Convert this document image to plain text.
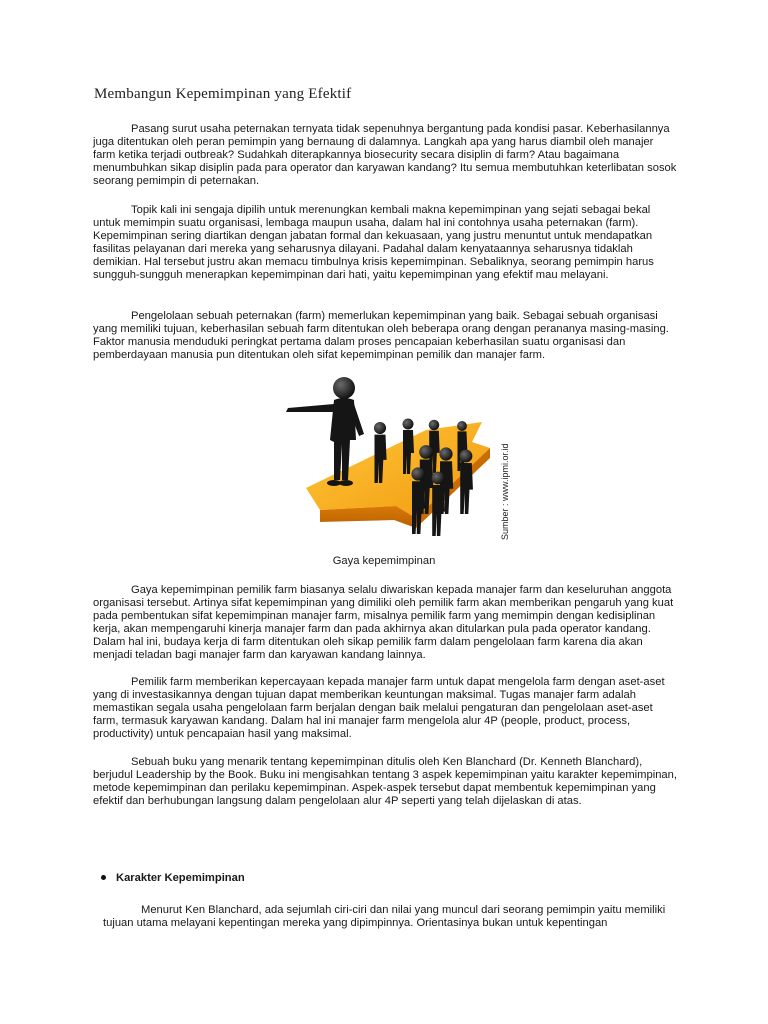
Membangun Kepemimpinan yang Efektif

Pasang surut usaha peternakan ternyata tidak sepenuhnya bergantung pada kondisi pasar. Keberhasilannya juga ditentukan oleh peran pemimpin yang bernaung di dalamnya. Langkah apa yang harus diambil oleh manajer farm ketika terjadi outbreak? Sudahkah diterapkannya biosecurity secara disiplin di farm? Atau bagaimana menumbuhkan sikap disiplin pada para operator dan karyawan kandang? Itu semua membutuhkan keterlibatan sosok seorang pemimpin di peternakan.

Topik kali ini sengaja dipilih untuk merenungkan kembali makna kepemimpinan yang sejati sebagai bekal untuk memimpin suatu organisasi, lembaga maupun usaha, dalam hal ini contohnya usaha peternakan (farm). Kepemimpinan sering diartikan dengan jabatan formal dan kekuasaan, yang justru menuntut untuk mendapatkan fasilitas pelayanan dari mereka yang seharusnya dilayani. Padahal dalam kenyataannya seharusnya tidaklah demikian. Hal tersebut justru akan memacu timbulnya krisis kepemimpinan. Sebaliknya, seorang pemimpin harus sungguh-sungguh menerapkan kepemimpinan dari hati, yaitu kepemimpinan yang efektif mau melayani.

Pengelolaan sebuah peternakan (farm) memerlukan kepemimpinan yang baik. Sebagai sebuah organisasi yang memiliki tujuan, keberhasilan sebuah farm ditentukan oleh beberapa orang dengan perananya masing-masing. Faktor manusia menduduki peringkat pertama dalam proses pencapaian keberhasilan suatu organisasi dan pemberdayaan manusia pun ditentukan oleh sifat kepemimpinan pemilik dan manajer farm.

Sumber : www.ipmi.or.id
Gaya kepemimpinan

Gaya kepemimpinan pemilik farm biasanya selalu diwariskan kepada manajer farm dan keseluruhan anggota organisasi tersebut. Artinya sifat kepemimpinan yang dimiliki oleh pemilik farm akan memberikan pengaruh yang kuat pada pembentukan sifat kepemimpinan manajer farm, misalnya pemilik farm yang memimpin dengan kedisiplinan kerja, akan mempengaruhi kinerja manajer farm dan pada akhirnya akan ditularkan pula pada operator kandang. Dalam hal ini, budaya kerja di farm ditentukan oleh sikap pemilik farm dalam pengelolaan farm karena dia akan menjadi teladan bagi manajer farm dan karyawan kandang lainnya.

Pemilik farm memberikan kepercayaan kepada manajer farm untuk dapat mengelola farm dengan aset-aset yang di investasikannya dengan tujuan dapat memberikan keuntungan maksimal. Tugas manajer farm adalah memastikan segala usaha pengelolaan farm berjalan dengan baik melalui pengaturan dan pengelolaan aset-aset farm, termasuk karyawan kandang. Dalam hal ini manajer farm mengelola alur 4P (people, product, process, productivity) untuk pencapaian hasil yang maksimal.

Sebuah buku yang menarik tentang kepemimpinan ditulis oleh Ken Blanchard (Dr. Kenneth Blanchard), berjudul Leadership by the Book. Buku ini mengisahkan tentang 3 aspek kepemimpinan yaitu karakter kepemimpinan, metode kepemimpinan dan perilaku kepemimpinan. Aspek-aspek tersebut dapat membentuk kepemimpinan yang efektif dan berhubungan langsung dalam pengelolaan alur 4P seperti yang telah dijelaskan di atas.

Karakter Kepemimpinan

Menurut Ken Blanchard, ada sejumlah ciri-ciri dan nilai yang muncul dari seorang pemimpin yaitu memiliki tujuan utama melayani kepentingan mereka yang dipimpinnya. Orientasinya bukan untuk kepentingan
